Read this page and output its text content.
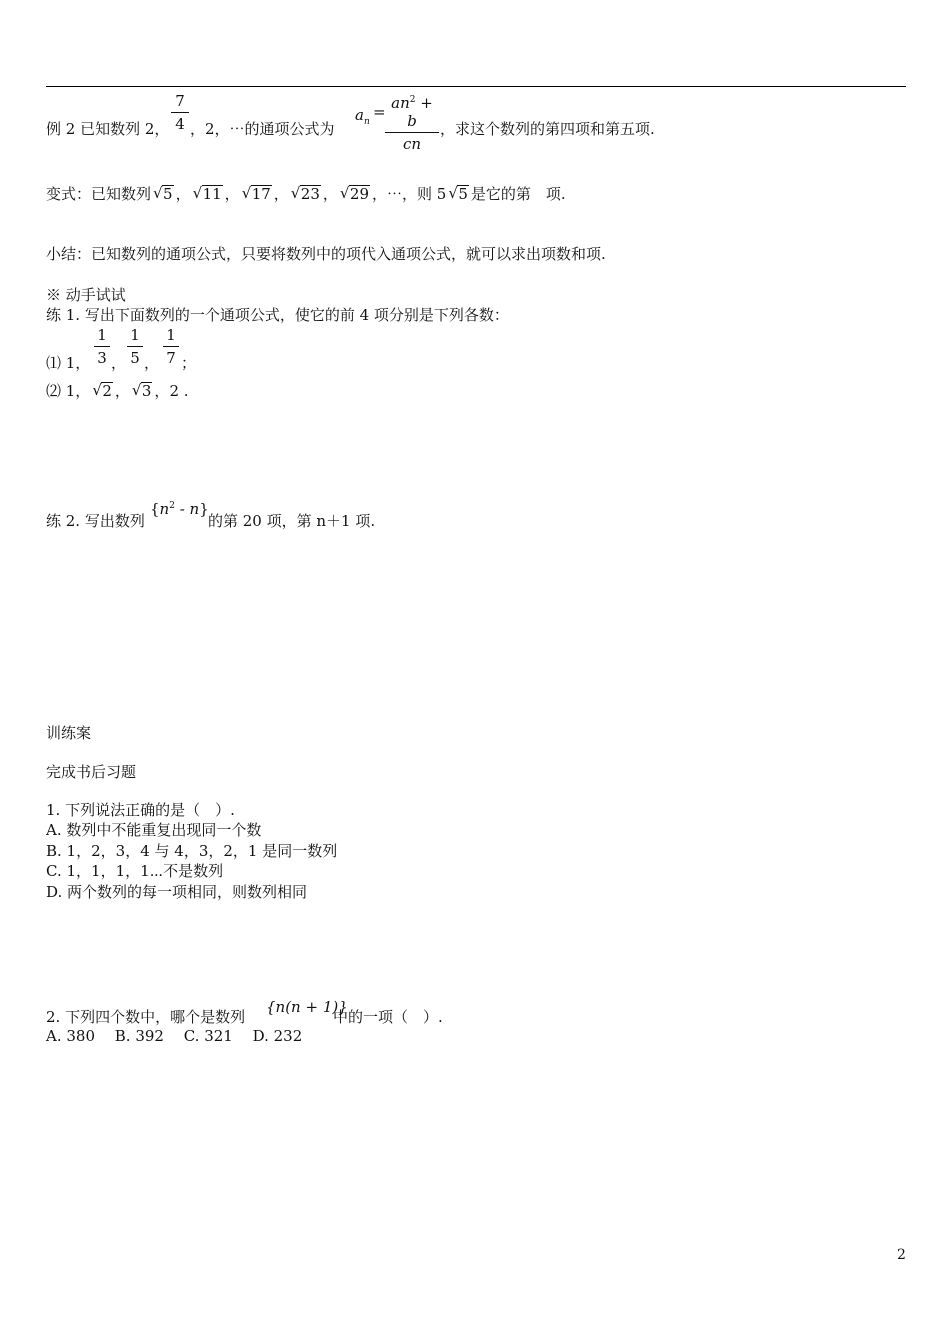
例 2 已知数列 2，
7
4 ，2，⋯的通项公式为
$a_n$
= $an^2 + b$
cn
，求这个数列的第四项和第五项.
变式：已知数列 √ 5 ， √ 11 ， √ 17 ， √ 23 ， √ 29 ，⋯，则 5 √ 5 是它的第　项.
小结：已知数列的通项公式，只要将数列中的项代入通项公式，就可以求出项数和项.
※ 动手试试
练 1. 写出下面数列的一个通项公式，使它的前 4 项分别是下列各数：
⑴ 1，
1
3 ，
1
5 ，
1
7 ；
⑵ 1， √ 2 ， √ 3 ，2 .
练 2. 写出数列
$\{n^2 - n\}$
的第 20 项，第 n＋1 项.
训练案
完成书后习题
1. 下列说法正确的是（　）.
A. 数列中不能重复出现同一个数
B. 1，2，3，4 与 4，3，2，1 是同一数列
C. 1，1，1，1⋯不是数列
D. 两个数列的每一项相同，则数列相同
2. 下列四个数中，哪个是数列
{n(n + 1)}
中的一项（　）.
A. 380　 B. 392　 C. 321　 D. 232
2
